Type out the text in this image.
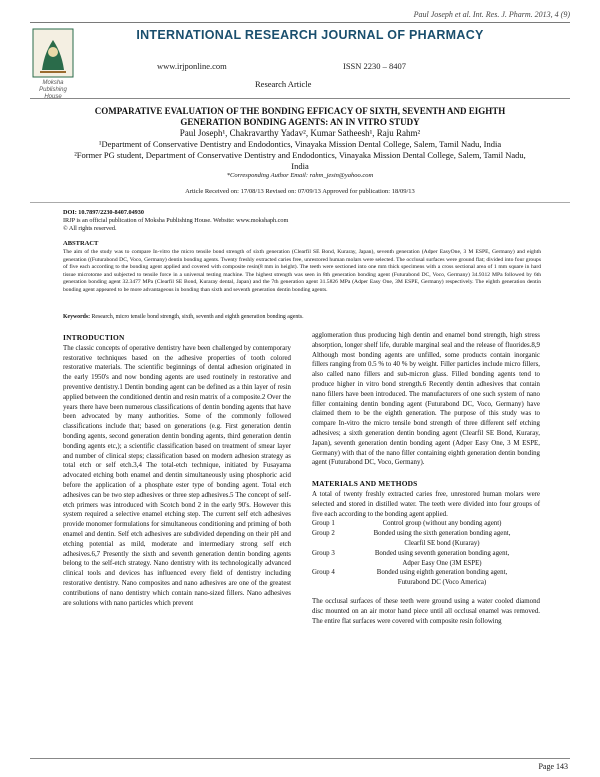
Paul Joseph et al. Int. Res. J. Pharm. 2013, 4 (9)
Moksha
Publishing
INTERNATIONAL RESEARCH JOURNAL OF PHARMACY
www.irjponline.com	ISSN 2230 – 8407
Research Article
COMPARATIVE EVALUATION OF THE BONDING EFFICACY OF SIXTH, SEVENTH AND EIGHTH
GENERATION BONDING AGENTS: AN IN VITRO STUDY
Paul Joseph¹, Chakravarthy Yadav², Kumar Satheesh¹, Raju Rahm²
¹Department of Conservative Dentistry and Endodontics, Vinayaka Mission Dental College, Salem, Tamil Nadu, India
²Former PG student, Department of Conservative Dentistry and Endodontics, Vinayaka Mission Dental College, Salem, Tamil Nadu, India
*Corresponding Author Email: rahm_jesin@yahoo.com
Article Received on: 17/08/13 Revised on: 07/09/13 Approved for publication: 18/09/13
DOI: 10.7897/2230-8407.04930
IRJP is an official publication of Moksha Publishing House. Website: www.mokshaph.com
© All rights reserved.
ABSTRACT
The aim of the study was to compare In-vitro the micro tensile bond strength of sixth generation (Clearfil SE Bond, Kuraray, Japan), seventh generation (Adper EasyOne, 3 M ESPE, Germany) and eighth generation ((Futurabond DC, Voco, Germany) dentin bonding agents. Twenty freshly extracted caries free, unrestored human molars were selected. The occlusal surfaces were ground flat; divided into four groups of five each according to the bonding agent applied and covered with composite resin(8 mm in height). The teeth were sectioned into one mm thick specimens with a cross sectional area of 1 mm square in hard tissue microtome and subjected to tensile force in a universal testing machine. The highest strength was seen in 8th generation bonding agent (Futurabond DC, Voco, Germany) 34.9312 MPa followed by 6th generation bonding agent 32.3477 MPa (Clearfil SE Bond, Kuraray dental, Japan) and the 7th generation agent 31.5826 MPa (Adper Easy One, 3M ESPE, Germany) respectively. The eighth generation dentin bonding agent appeared to be more advantageous in bonding than sixth and seventh generation dentin bonding agents.
Keywords: Research, micro tensile bond strength, sixth, seventh and eighth generation bonding agents.
INTRODUCTION

The classic concepts of operative dentistry have been challenged by contemporary restorative techniques based on the adhesive properties of tooth colored restorative materials. The scientific beginnings of dental adhesion originated in the early 1950's and now bonding agents are used routinely in restorative and preventive dentistry.1 Dentin bonding agent can be defined as a thin layer of resin applied between the conditioned dentin and resin matrix of a composite.2 Over the years there have been numerous classifications of dentin bonding agents that have been advocated by many authorities. Some of the commonly followed classifications include that; based on generations (e.g. First generation dentin bonding agents, second generation dentin bonding agents, third generation dentin bonding agents etc,); a scientific classification based on treatment of smear layer and number of clinical steps; classification based on modern adhesion strategy as total etch or self etch.3,4 The total-etch technique, initiated by Fusayama advocated etching both enamel and dentin simultaneously using phosphoric acid before the application of a phosphate ester type of bonding agent. Total etch adhesives can be two step adhesives or three step adhesives.5 The concept of self- etch primers was introduced with Scotch bond 2 in the early 90's. However this system required a selective enamel etching step. The current self etch adhesives provide monomer formulations for simultaneous conditioning and priming of both enamel and dentin. Self etch adhesives are subdivided depending on their pH and etching potential as mild, moderate and intermediary strong self etch adhesives.6,7 Presently the sixth and seventh generation dentin bonding agents belong to the self-etch strategy. Nano dentistry with its technologically advanced clinical tools and devices has influenced every field of dentistry including restorative dentistry. Nano composites and nano adhesives are one of the greatest contributions of nano dentistry which contain nano-sized fillers. Nano adhesives are solutions with nano particles which prevent

agglomeration thus producing high dentin and enamel bond strength, high stress absorption, longer shelf life, durable marginal seal and the release of fluorides.8,9 Although most bonding agents are unfilled, some products contain inorganic fillers ranging from 0.5 % to 40 % by weight. Filler particles include micro fillers, also called nano fillers and sub-micron glass. Filled bonding agents tend to produce higher in vitro bond strength.6 Recently dentin adhesives that contain nano fillers have been introduced. The manufacturers of one such system of nano filler containing dentin bonding agent (Futurabond DC, Voco, Germany) have claimed them to be the eighth generation. The purpose of this study was to compare In-vitro the micro tensile bond strength of three different self etching adhesives; a sixth generation dentin bonding agent (Clearfil SE Bond, Kuraray, Japan), seventh generation dentin bonding agent (Adper Easy One, 3 M ESPE, Germany) with that of the nano filler containing eighth generation dentin bonding agent (Futurabond DC, Voco, Germany).

MATERIALS AND METHODS

A total of twenty freshly extracted caries free, unrestored human molars were selected and stored in distilled water. The teeth were divided into four groups of five each according to the bonding agent applied.

Group 1	Control group (without any bonding agent)
Group 2	Bonded using the sixth generation bonding agent,
Clearfil SE bond (Kuraray)
Group 3	Bonded using seventh generation bonding agent,
Adper Easy One (3M ESPE)
Group 4	Bonded using eighth generation bonding agent,
Futurabond DC (Voco America)

The occlusal surfaces of these teeth were ground using a water cooled diamond disc mounted on an air motor hand piece until all occlusal enamel was removed. The entire flat surfaces were covered with composite resin following

Page 143
